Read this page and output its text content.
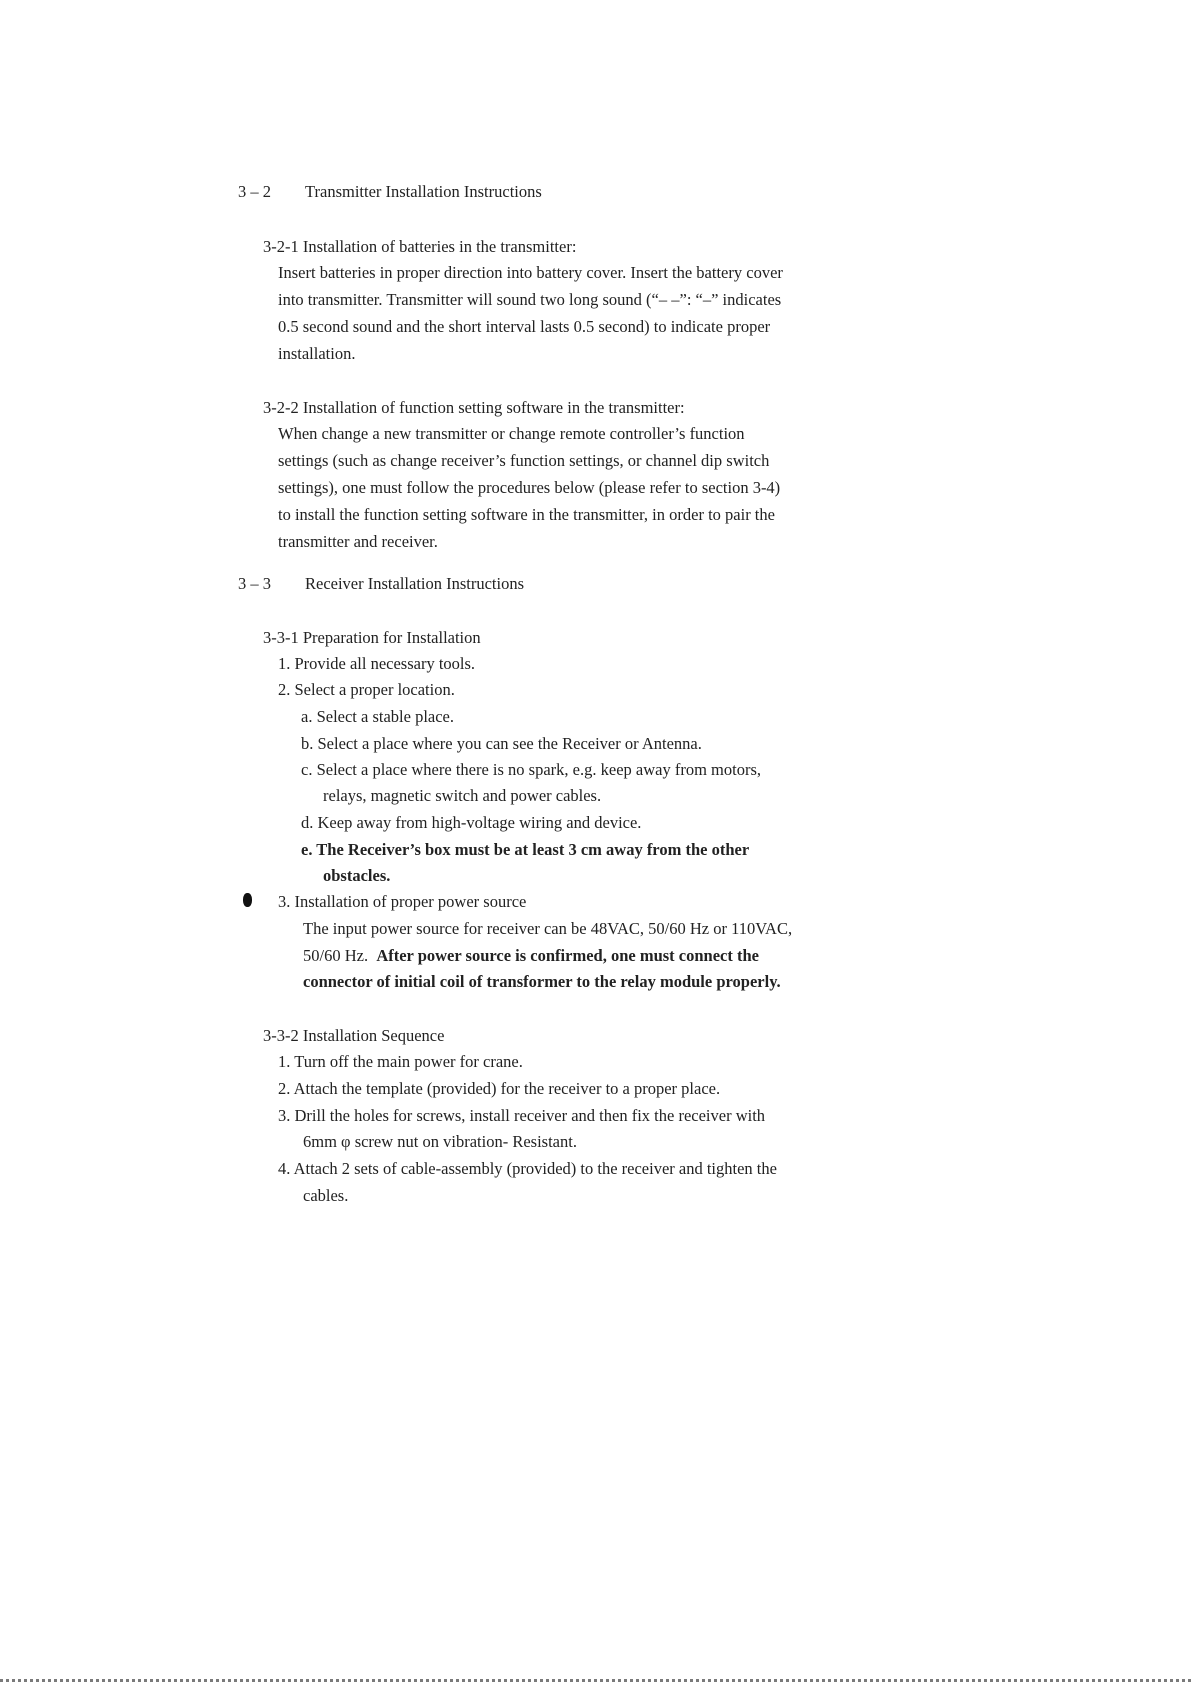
3 – 2 Transmitter Installation Instructions
3-2-1 Installation of batteries in the transmitter:
Insert batteries in proper direction into battery cover. Insert the battery cover
into transmitter. Transmitter will sound two long sound (“– –”: “–” indicates
0.5 second sound and the short interval lasts 0.5 second) to indicate proper
installation.
3-2-2 Installation of function setting software in the transmitter:
When change a new transmitter or change remote controller’s function
settings (such as change receiver’s function settings, or channel dip switch
settings), one must follow the procedures below (please refer to section 3-4)
to install the function setting software in the transmitter, in order to pair the
transmitter and receiver.
3 – 3 Receiver Installation Instructions
3-3-1 Preparation for Installation
1. Provide all necessary tools.
2. Select a proper location.
a. Select a stable place.
b. Select a place where you can see the Receiver or Antenna.
c. Select a place where there is no spark, e.g. keep away from motors,
relays, magnetic switch and power cables.
d. Keep away from high-voltage wiring and device.
e. The Receiver’s box must be at least 3 cm away from the other
obstacles.
3. Installation of proper power source
The input power source for receiver can be 48VAC, 50/60 Hz or 110VAC,
50/60 Hz. After power source is confirmed, one must connect the
connector of initial coil of transformer to the relay module properly.
3-3-2 Installation Sequence
1. Turn off the main power for crane.
2. Attach the template (provided) for the receiver to a proper place.
3. Drill the holes for screws, install receiver and then fix the receiver with
6mm φ screw nut on vibration- Resistant.
4. Attach 2 sets of cable-assembly (provided) to the receiver and tighten the
cables.
